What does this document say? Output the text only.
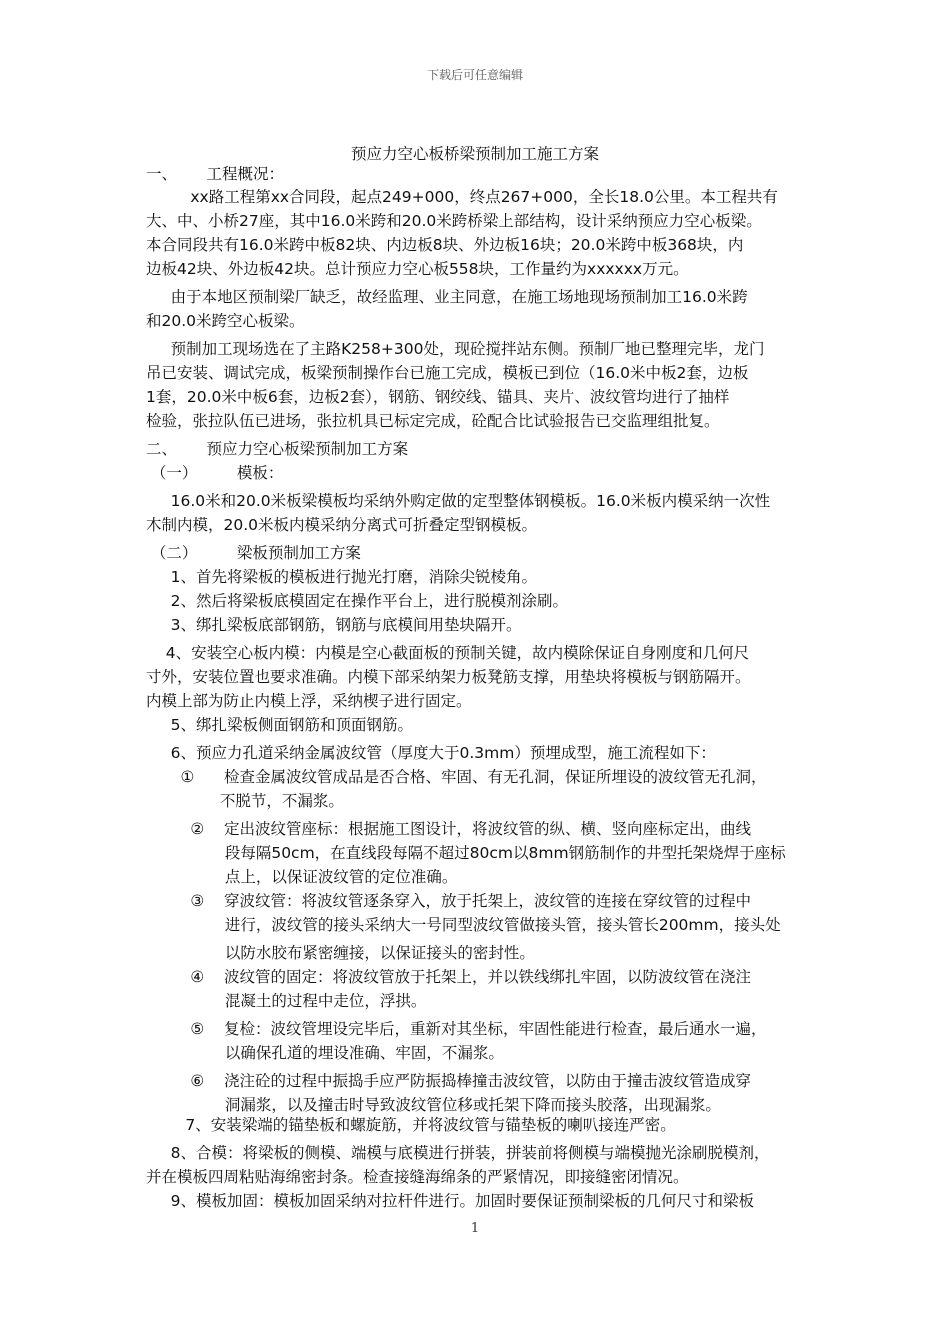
下载后可任意编辑
预应力空心板桥梁预制加工施工方案
一、      工程概况：
xx路工程第xx合同段，起点249+000，终点267+000，全长18.0公里。本工程共有
大、中、小桥27座，其中16.0米跨和20.0米跨桥梁上部结构，设计采纳预应力空心板梁。
本合同段共有16.0米跨中板82块、内边板8块、外边板16块；20.0米跨中板368块，内
边板42块、外边板42块。总计预应力空心板558块，工作量约为xxxxxx万元。
由于本地区预制梁厂缺乏，故经监理、业主同意，在施工场地现场预制加工16.0米跨
和20.0米跨空心板梁。
预制加工现场选在了主路K258+300处，现砼搅拌站东侧。预制厂地已整理完毕，龙门
吊已安装、调试完成，板梁预制操作台已施工完成，模板已到位（16.0米中板2套，边板
1套，20.0米中板6套，边板2套），钢筋、钢绞线、锚具、夹片、波纹管均进行了抽样
检验，张拉队伍已进场，张拉机具已标定完成，砼配合比试验报告已交监理组批复。
二、      预应力空心板梁预制加工方案
（一）        模板：
16.0米和20.0米板梁模板均采纳外购定做的定型整体钢模板。16.0米板内模采纳一次性
木制内模，20.0米板内模采纳分离式可折叠定型钢模板。
（二）        梁板预制加工方案
1、首先将梁板的模板进行抛光打磨，消除尖锐棱角。
2、然后将梁板底模固定在操作平台上，进行脱模剂涂刷。
3、绑扎梁板底部钢筋，钢筋与底模间用垫块隔开。
4、安装空心板内模：内模是空心截面板的预制关键，故内模除保证自身刚度和几何尺
寸外，安装位置也要求准确。内模下部采纳架力板凳筋支撑，用垫块将模板与钢筋隔开。
内模上部为防止内模上浮，采纳楔子进行固定。
5、绑扎梁板侧面钢筋和顶面钢筋。
6、预应力孔道采纳金属波纹管（厚度大于0.3mm）预埋成型，施工流程如下：
①      检查金属波纹管成品是否合格、牢固、有无孔洞，保证所埋设的波纹管无孔洞，
不脱节，不漏浆。
②    定出波纹管座标：根据施工图设计，将波纹管的纵、横、竖向座标定出，曲线
段每隔50cm，在直线段每隔不超过80cm以8mm钢筋制作的井型托架烧焊于座标
点上，以保证波纹管的定位准确。
③    穿波纹管：将波纹管逐条穿入，放于托架上，波纹管的连接在穿纹管的过程中
进行，波纹管的接头采纳大一号同型波纹管做接头管，接头管长200mm，接头处
以防水胶布紧密缠接，以保证接头的密封性。
④    波纹管的固定：将波纹管放于托架上，并以铁线绑扎牢固，以防波纹管在浇注
混凝土的过程中走位，浮拱。
⑤    复检：波纹管埋设完毕后，重新对其坐标，牢固性能进行检查，最后通水一遍，
以确保孔道的埋设准确、牢固，不漏浆。
⑥    浇注砼的过程中振捣手应严防振捣棒撞击波纹管，以防由于撞击波纹管造成穿
洞漏浆，以及撞击时导致波纹管位移或托架下降而接头胶落，出现漏浆。
7、安装梁端的锚垫板和螺旋筋，并将波纹管与锚垫板的喇叭接连严密。
8、合模：将梁板的侧模、端模与底模进行拼装，拼装前将侧模与端模抛光涂刷脱模剂，
并在模板四周粘贴海绵密封条。检查接缝海绵条的严紧情况，即接缝密闭情况。
9、模板加固：模板加固采纳对拉杆件进行。加固时要保证预制梁板的几何尺寸和梁板
1
